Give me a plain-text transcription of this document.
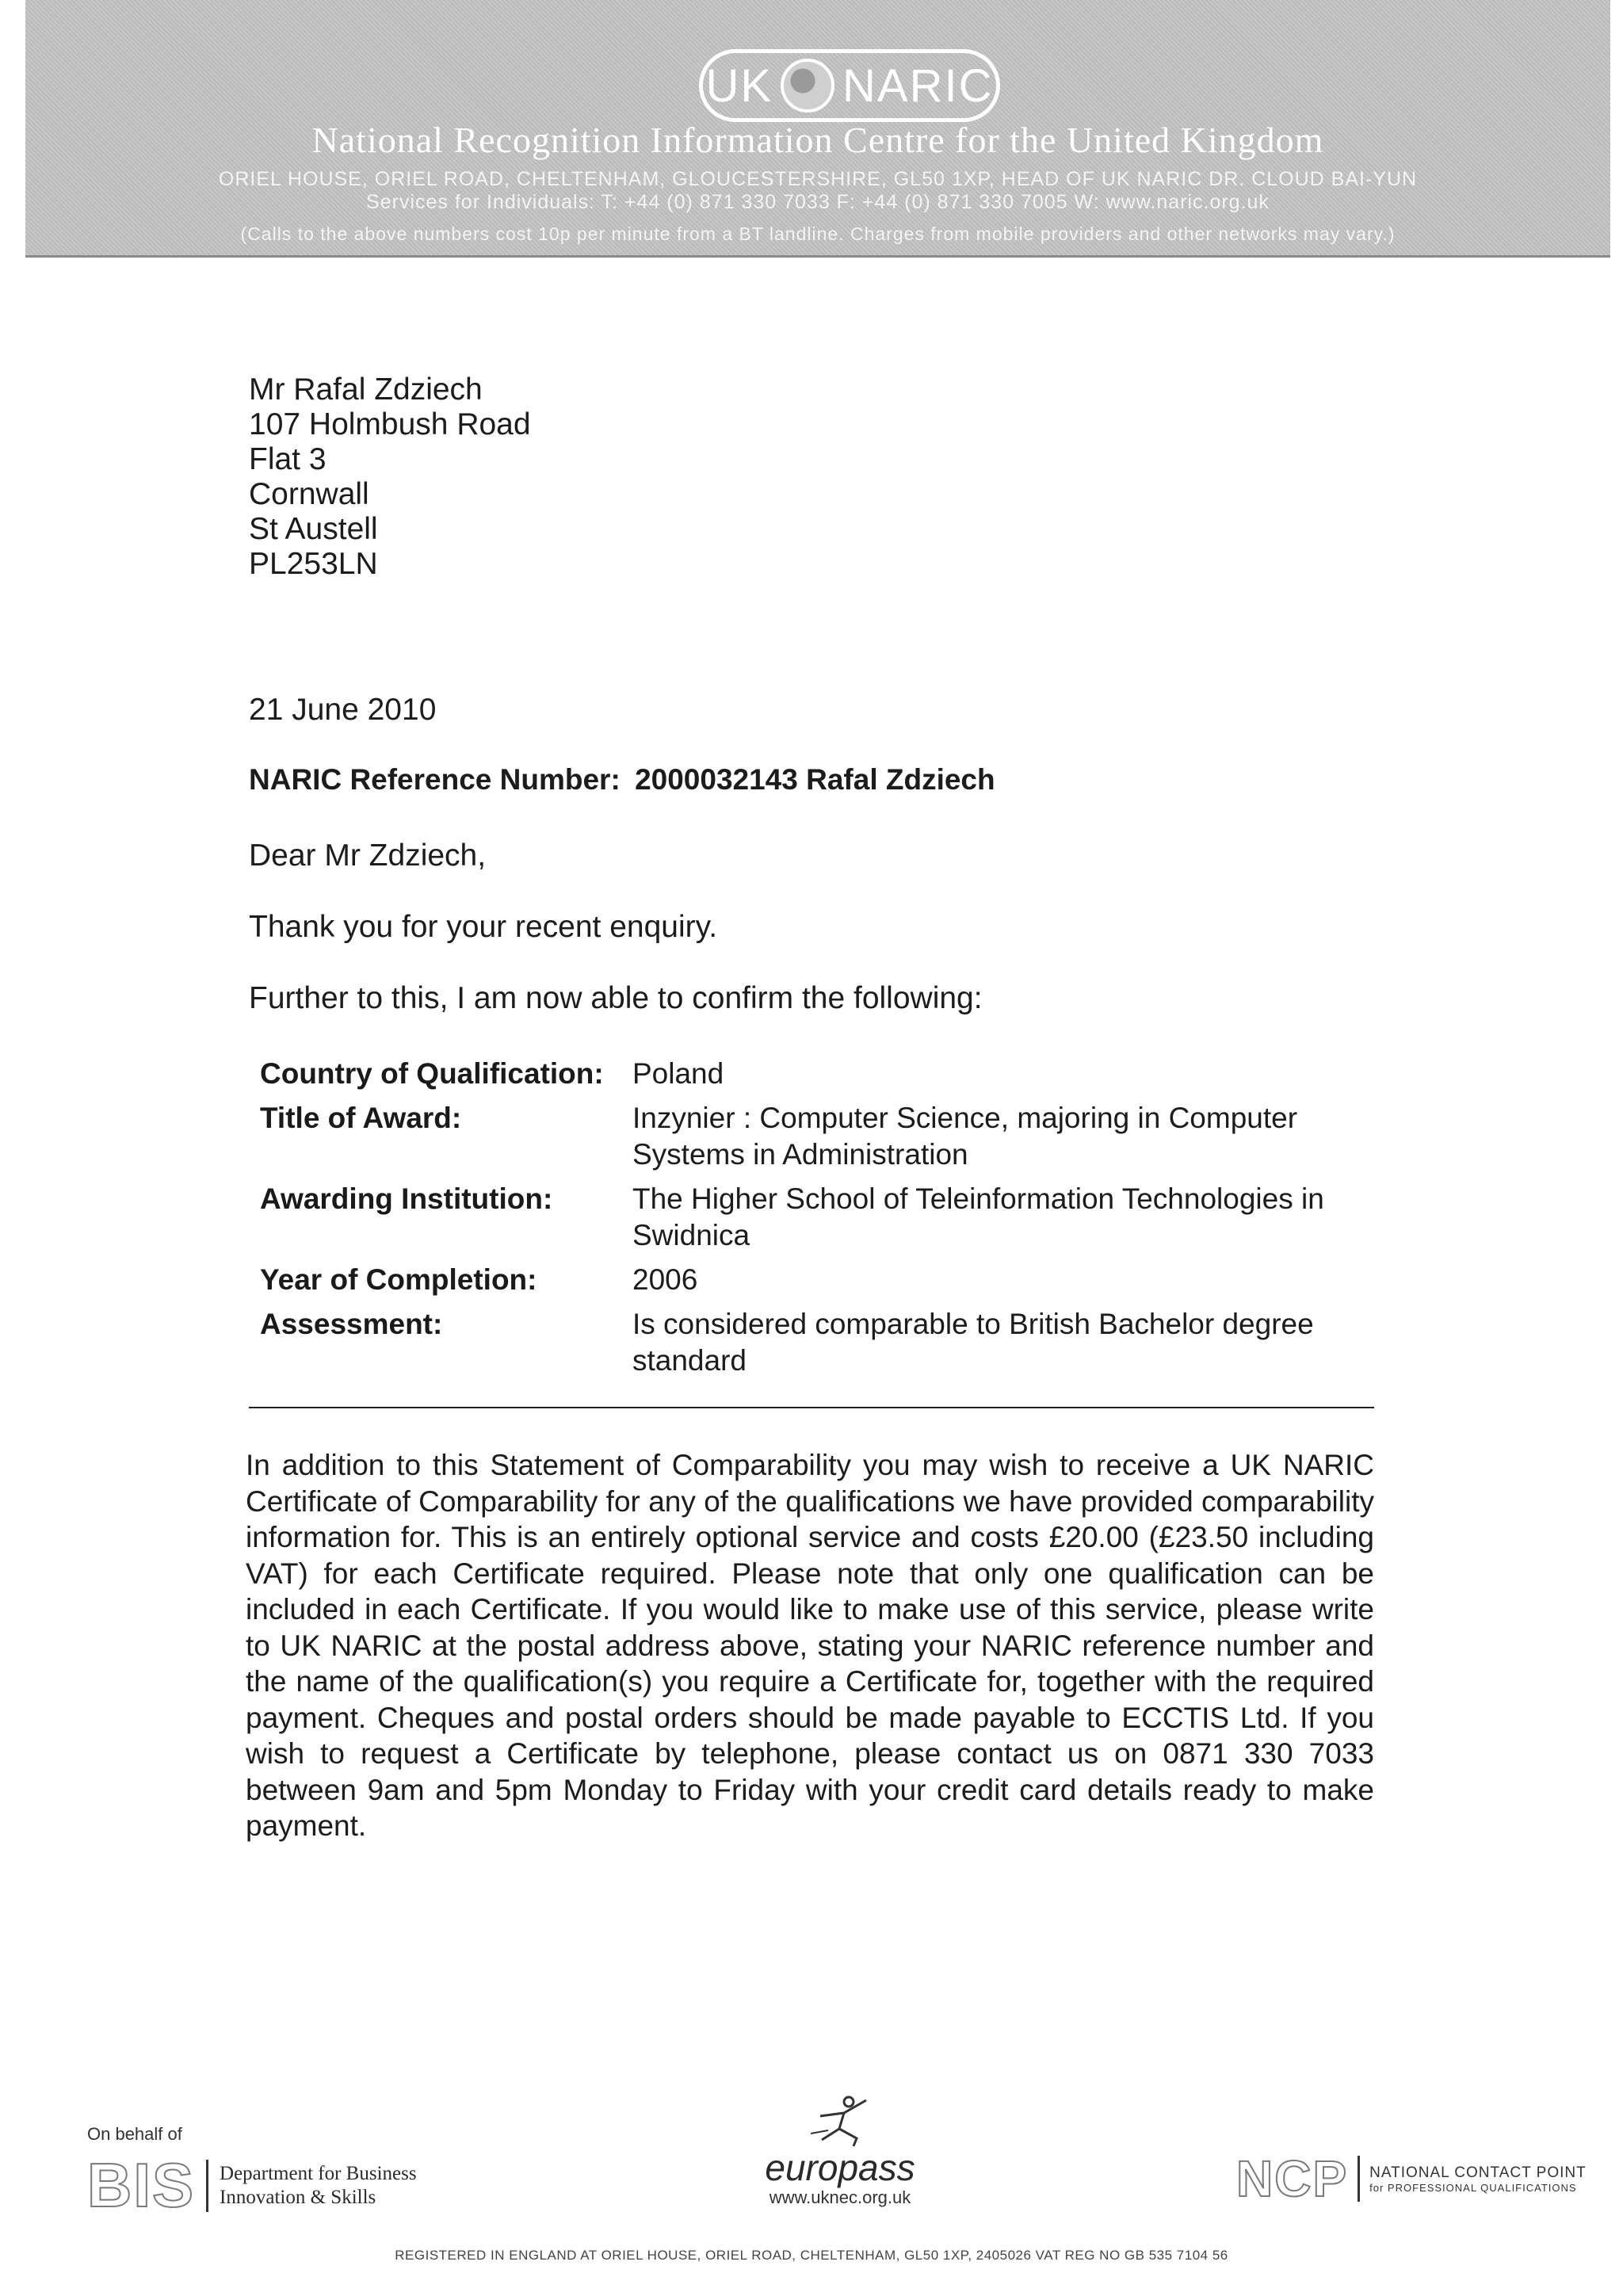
UK NARIC
National Recognition Information Centre for the United Kingdom
ORIEL HOUSE, ORIEL ROAD, CHELTENHAM, GLOUCESTERSHIRE, GL50 1XP, HEAD OF UK NARIC DR. CLOUD BAI-YUN
Services for Individuals: T: +44 (0) 871 330 7033 F: +44 (0) 871 330 7005 W: www.naric.org.uk
(Calls to the above numbers cost 10p per minute from a BT landline. Charges from mobile providers and other networks may vary.)
Mr Rafal Zdziech
107 Holmbush Road
Flat 3
Cornwall
St Austell
PL253LN
21 June 2010
NARIC Reference Number: 2000032143 Rafal Zdziech
Dear Mr Zdziech,
Thank you for your recent enquiry.
Further to this, I am now able to confirm the following:
Country of Qualification: Poland
Title of Award:	Inzynier : Computer Science, majoring in Computer Systems in Administration
Awarding Institution:	The Higher School of Teleinformation Technologies in Swidnica
Year of Completion:	2006
Assessment:	Is considered comparable to British Bachelor degree standard
In addition to this Statement of Comparability you may wish to receive a UK NARIC Certificate of Comparability for any of the qualifications we have provided comparability information for. This is an entirely optional service and costs £20.00 (£23.50 including VAT) for each Certificate required. Please note that only one qualification can be included in each Certificate. If you would like to make use of this service, please write to UK NARIC at the postal address above, stating your NARIC reference number and the name of the qualification(s) you require a Certificate for, together with the required payment. Cheques and postal orders should be made payable to ECCTIS Ltd. If you wish to request a Certificate by telephone, please contact us on 0871 330 7033 between 9am and 5pm Monday to Friday with your credit card details ready to make payment.
On behalf of
BIS Department for Business
Innovation & Skills
europass
www.uknec.org.uk	NCP NATIONAL CONTACT POINT
for PROFESSIONAL QUALIFICATIONS
REGISTERED IN ENGLAND AT ORIEL HOUSE, ORIEL ROAD, CHELTENHAM, GL50 1XP, 2405026 VAT REG NO GB 535 7104 56
